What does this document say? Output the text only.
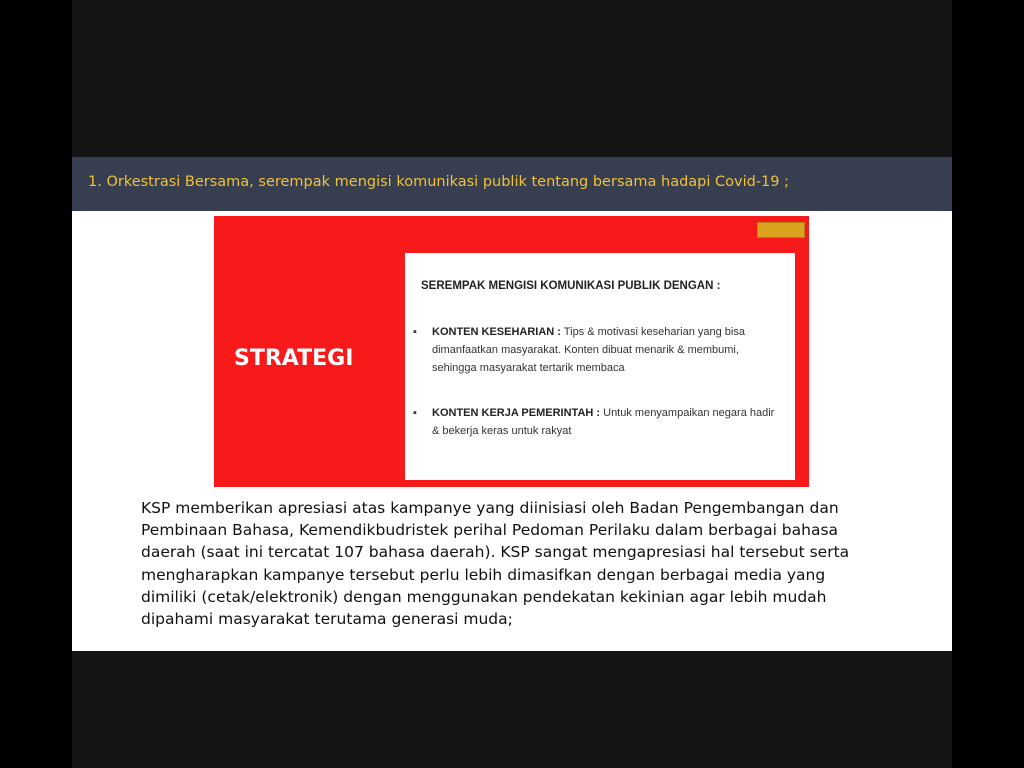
1. Orkestrasi Bersama, serempak mengisi komunikasi publik tentang bersama hadapi Covid-19 ;
STRATEGI
SEREMPAK MENGISI KOMUNIKASI PUBLIK DENGAN :
▪ KONTEN KESEHARIAN : Tips & motivasi keseharian yang bisa dimanfaatkan masyarakat. Konten dibuat menarik & membumi, sehingga masyarakat tertarik membaca
▪ KONTEN KERJA PEMERINTAH : Untuk menyampaikan negara hadir & bekerja keras untuk rakyat
KSP memberikan apresiasi atas kampanye yang diinisiasi oleh Badan Pengembangan dan Pembinaan Bahasa, Kemendikbudristek perihal Pedoman Perilaku dalam berbagai bahasa daerah (saat ini tercatat 107 bahasa daerah). KSP sangat mengapresiasi hal tersebut serta mengharapkan kampanye tersebut perlu lebih dimasifkan dengan berbagai media yang dimiliki (cetak/elektronik) dengan menggunakan pendekatan kekinian agar lebih mudah dipahami masyarakat terutama generasi muda;
